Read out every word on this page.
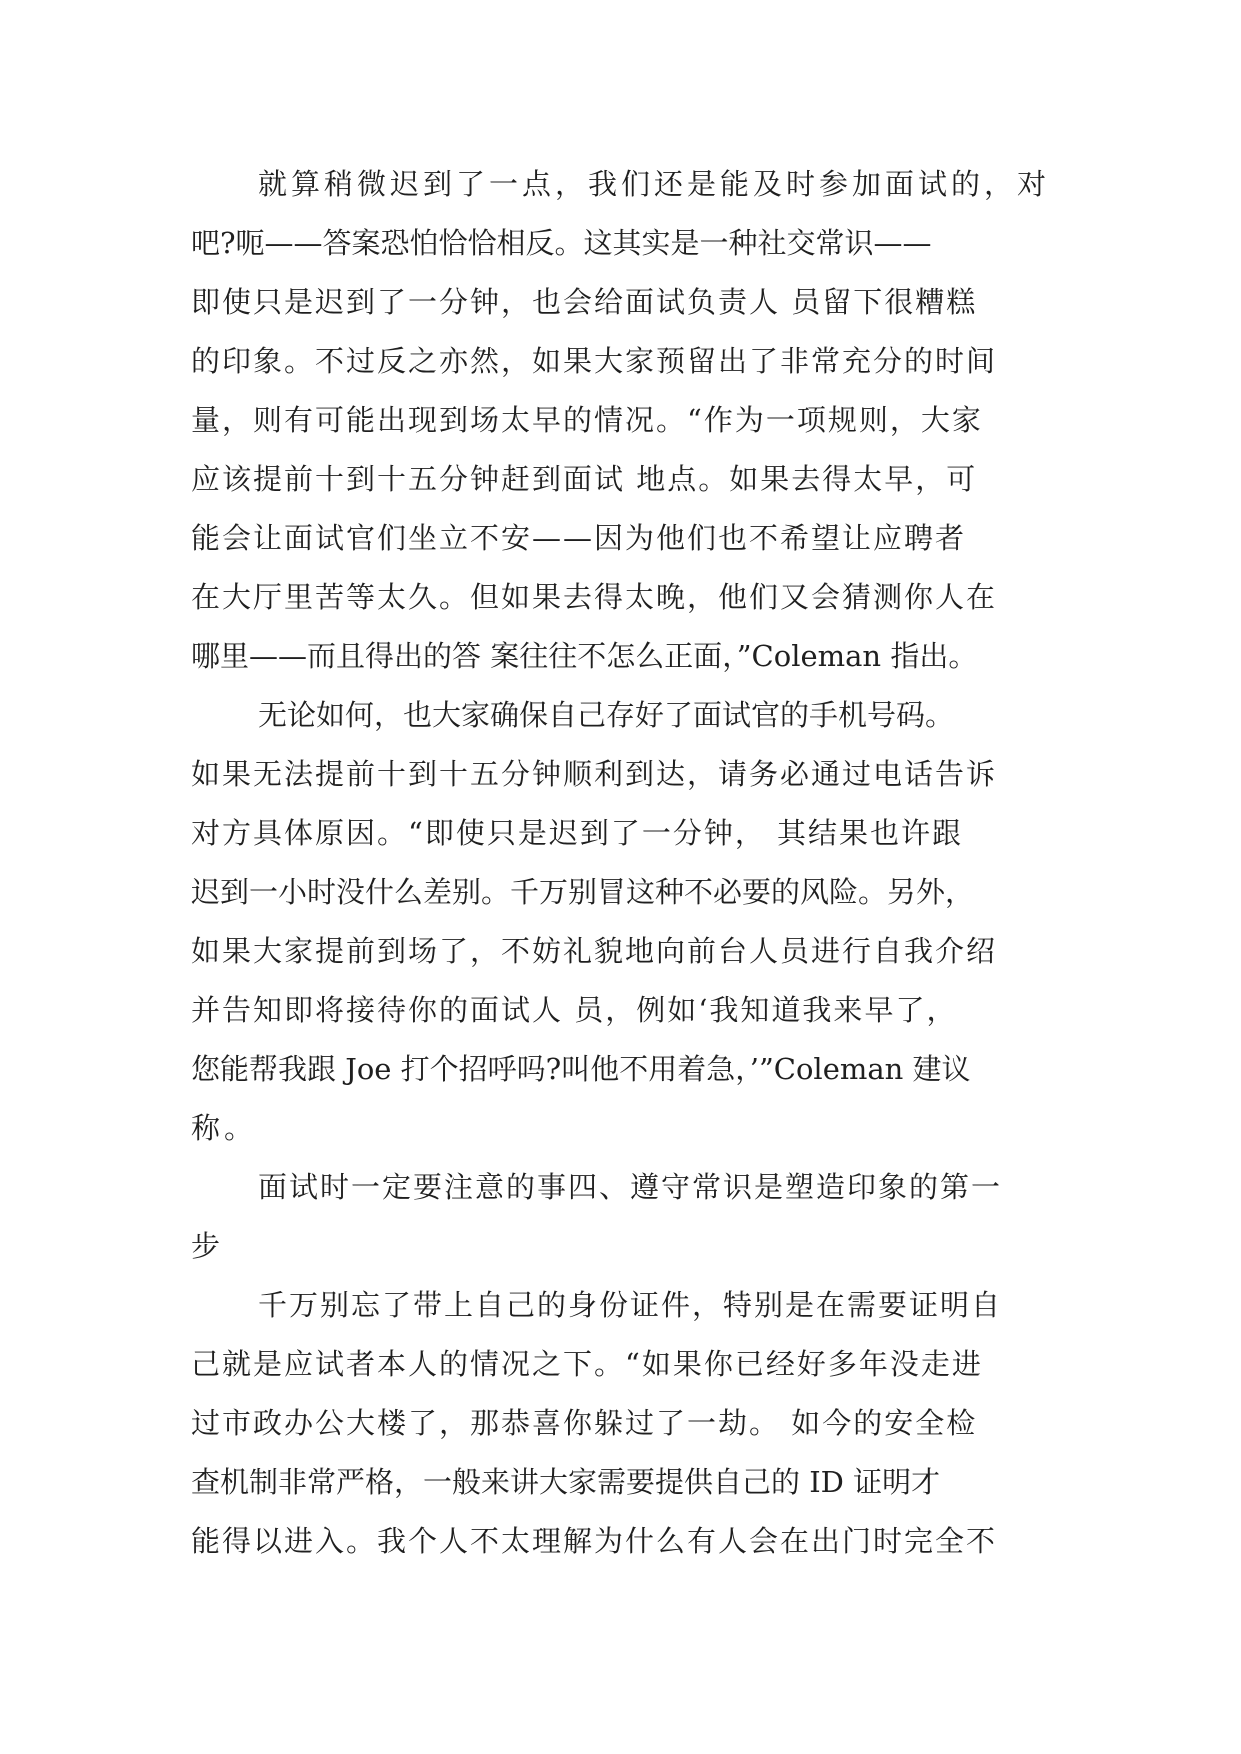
就算稍微迟到了一点，我们还是能及时参加面试的，对
吧?呃——答案恐怕恰恰相反。这其实是一种社交常识——
即使只是迟到了一分钟，也会给面试负责人 员留下很糟糕
的印象。不过反之亦然，如果大家预留出了非常充分的时间
量，则有可能出现到场太早的情况。“作为一项规则，大家
应该提前十到十五分钟赶到面试 地点。如果去得太早，可
能会让面试官们坐立不安——因为他们也不希望让应聘者
在大厅里苦等太久。但如果去得太晚，他们又会猜测你人在
哪里——而且得出的答 案往往不怎么正面，”Coleman 指出。
无论如何，也大家确保自己存好了面试官的手机号码。
如果无法提前十到十五分钟顺利到达，请务必通过电话告诉
对方具体原因。“即使只是迟到了一分钟， 其结果也许跟
迟到一小时没什么差别。千万别冒这种不必要的风险。另外，
如果大家提前到场了，不妨礼貌地向前台人员进行自我介绍
并告知即将接待你的面试人 员，例如‘我知道我来早了，
您能帮我跟 Joe 打个招呼吗?叫他不用着急，’”Coleman 建议
称。
面试时一定要注意的事四、遵守常识是塑造印象的第一
步
千万别忘了带上自己的身份证件，特别是在需要证明自
己就是应试者本人的情况之下。“如果你已经好多年没走进
过市政办公大楼了，那恭喜你躲过了一劫。 如今的安全检
查机制非常严格，一般来讲大家需要提供自己的 ID 证明才
能得以进入。我个人不太理解为什么有人会在出门时完全不
